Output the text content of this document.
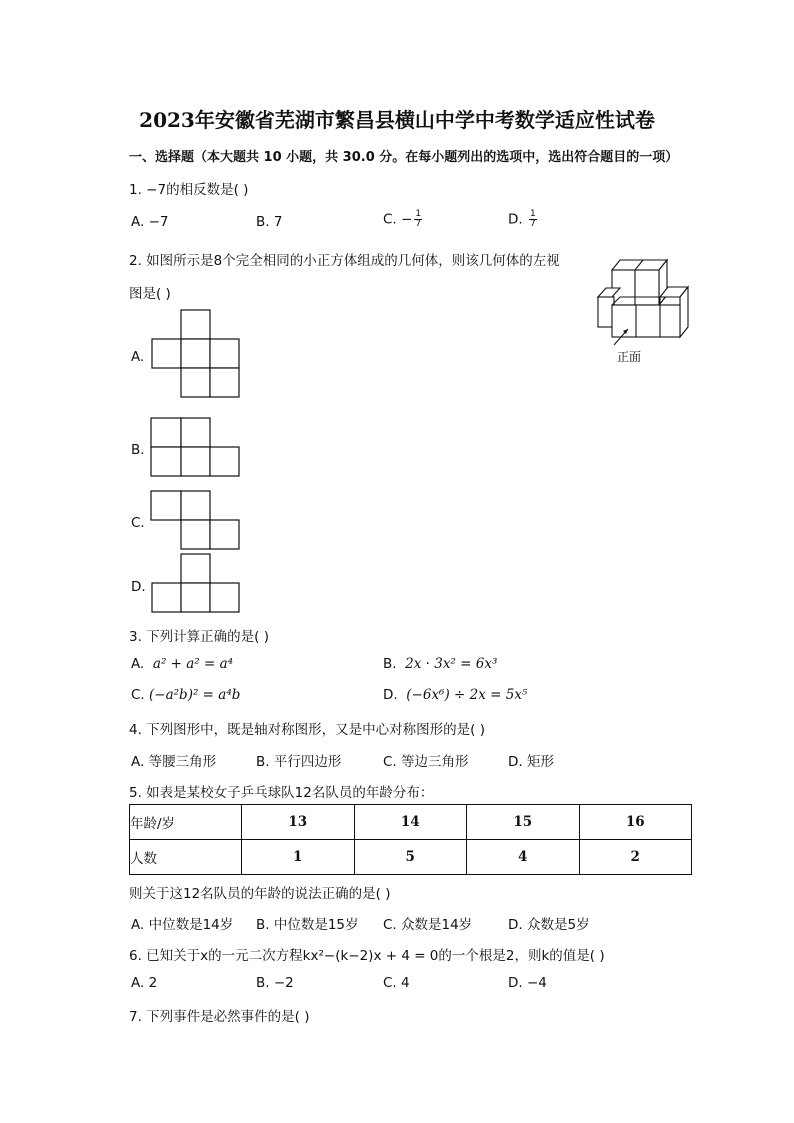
2023年安徽省芜湖市繁昌县横山中学中考数学适应性试卷
一、选择题（本大题共 10 小题，共 30.0 分。在每小题列出的选项中，选出符合题目的一项）
1. −7的相反数是( )
A. −7	B. 7	C. − $\frac{1}{7}$	D. $\frac{1}{7}$
2. 如图所示是8个完全相同的小正方体组成的几何体，则该几何体的左视
图是( )
正面
A.
B.
C.
D.
3. 下列计算正确的是( )
A. a² + a² = a⁴	B. 2x · 3x² = 6x³
C. (−a²b)² = a⁴b	D. (−6x⁶) ÷ 2x = 5x⁵
4. 下列图形中，既是轴对称图形，又是中心对称图形的是( )
A. 等腰三角形	B. 平行四边形	C. 等边三角形	D. 矩形
5. 如表是某校女子乒乓球队12名队员的年龄分布：
年龄/岁	13	14	15	16
人数	1	5	4	2
则关于这12名队员的年龄的说法正确的是( )
A. 中位数是14岁 B. 中位数是15岁 C. 众数是14岁	D. 众数是5岁
6. 已知关于x的一元二次方程kx²−(k−2)x + 4 = 0的一个根是2，则k的值是( )
A. 2	B. −2	C. 4	D. −4
7. 下列事件是必然事件的是( )
